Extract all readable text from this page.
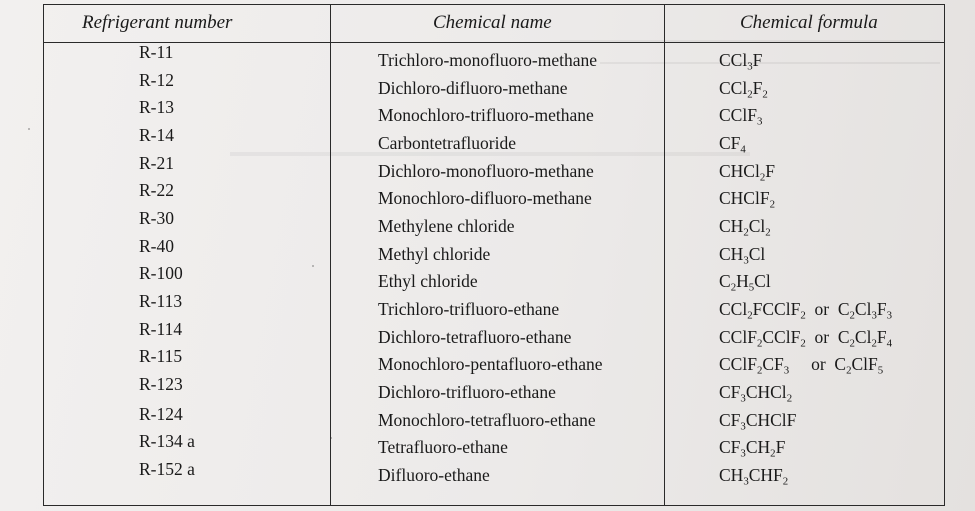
Refrigerant number	Chemical name	Chemical formula
R-11	Trichloro-monofluoro-methane	CCl$_3$F
R-12	Dichloro-difluoro-methane	$CCl_2F_2$
R-13	Monochloro-trifluoro-methane	CClF$_3$
R-14	Carbontetrafluoride	$CF_4$
R-21	Dichloro-monofluoro-methane	CHCl$_2$F
R-22	Monochloro-difluoro-methane	CHClF$_2$
R-30	Methylene chloride	$CH_2Cl_2$
R-40	Methyl chloride	$CH_3Cl$
R-100	Ethyl chloride	$C_2H_5Cl$
R-113	Trichloro-trifluoro-ethane	CCl$_2$FCClF$_2$  or  $C_2Cl_3F_3$
R-114	Dichloro-tetrafluoro-ethane	CClF$_2$CClF$_2$  or  $C_2Cl_2F_4$
R-115	Monochloro-pentafluoro-ethane	$CClF_2CF_3$     or  $C_2ClF_5$
R-123	Dichloro-trifluoro-ethane	$CF_3CHCl_2$
R-124	Monochloro-tetrafluoro-ethane	$CF_3CHClF$
R-134 a	Tetrafluoro-ethane	$CF_3CH_2F$
R-152 a	Difluoro-ethane	$CH_3CHF_2$
